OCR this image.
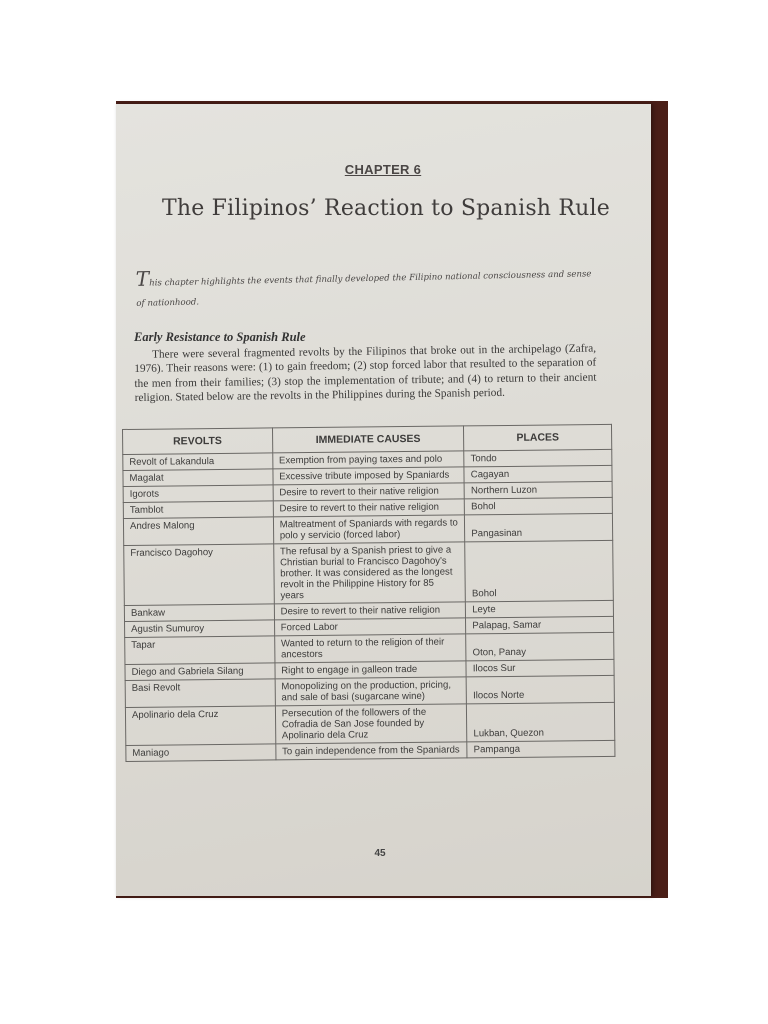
CHAPTER 6
The Filipinos’ Reaction to Spanish Rule
This chapter highlights the events that finally developed the Filipino national consciousness and sense of nationhood.
Early Resistance to Spanish Rule
There were several fragmented revolts by the Filipinos that broke out in the archipelago (Zafra, 1976). Their reasons were: (1) to gain freedom; (2) stop forced labor that resulted to the separation of the men from their families; (3) stop the implementation of tribute; and (4) to return to their ancient religion. Stated below are the revolts in the Philippines during the Spanish period.
REVOLTS	IMMEDIATE CAUSES	PLACES
Revolt of Lakandula	Exemption from paying taxes and polo	Tondo
Magalat	Excessive tribute imposed by Spaniards	Cagayan
Igorots	Desire to revert to their native religion	Northern Luzon
Tamblot	Desire to revert to their native religion	Bohol
Andres Malong	Maltreatment of Spaniards with regards to polo y servicio (forced labor)	Pangasinan
Francisco Dagohoy	The refusal by a Spanish priest to give a Christian burial to Francisco Dagohoy's brother. It was considered as the longest revolt in the Philippine History for 85 years	Bohol
Bankaw	Desire to revert to their native religion	Leyte
Agustin Sumuroy	Forced Labor	Palapag, Samar
Tapar	Wanted to return to the religion of their ancestors	Oton, Panay
Diego and Gabriela Silang	Right to engage in galleon trade	Ilocos Sur
Basi Revolt	Monopolizing on the production, pricing, and sale of basi (sugarcane wine)	Ilocos Norte
Apolinario dela Cruz	Persecution of the followers of the Cofradia de San Jose founded by Apolinario dela Cruz	Lukban, Quezon
Maniago	To gain independence from the Spaniards	Pampanga
45
